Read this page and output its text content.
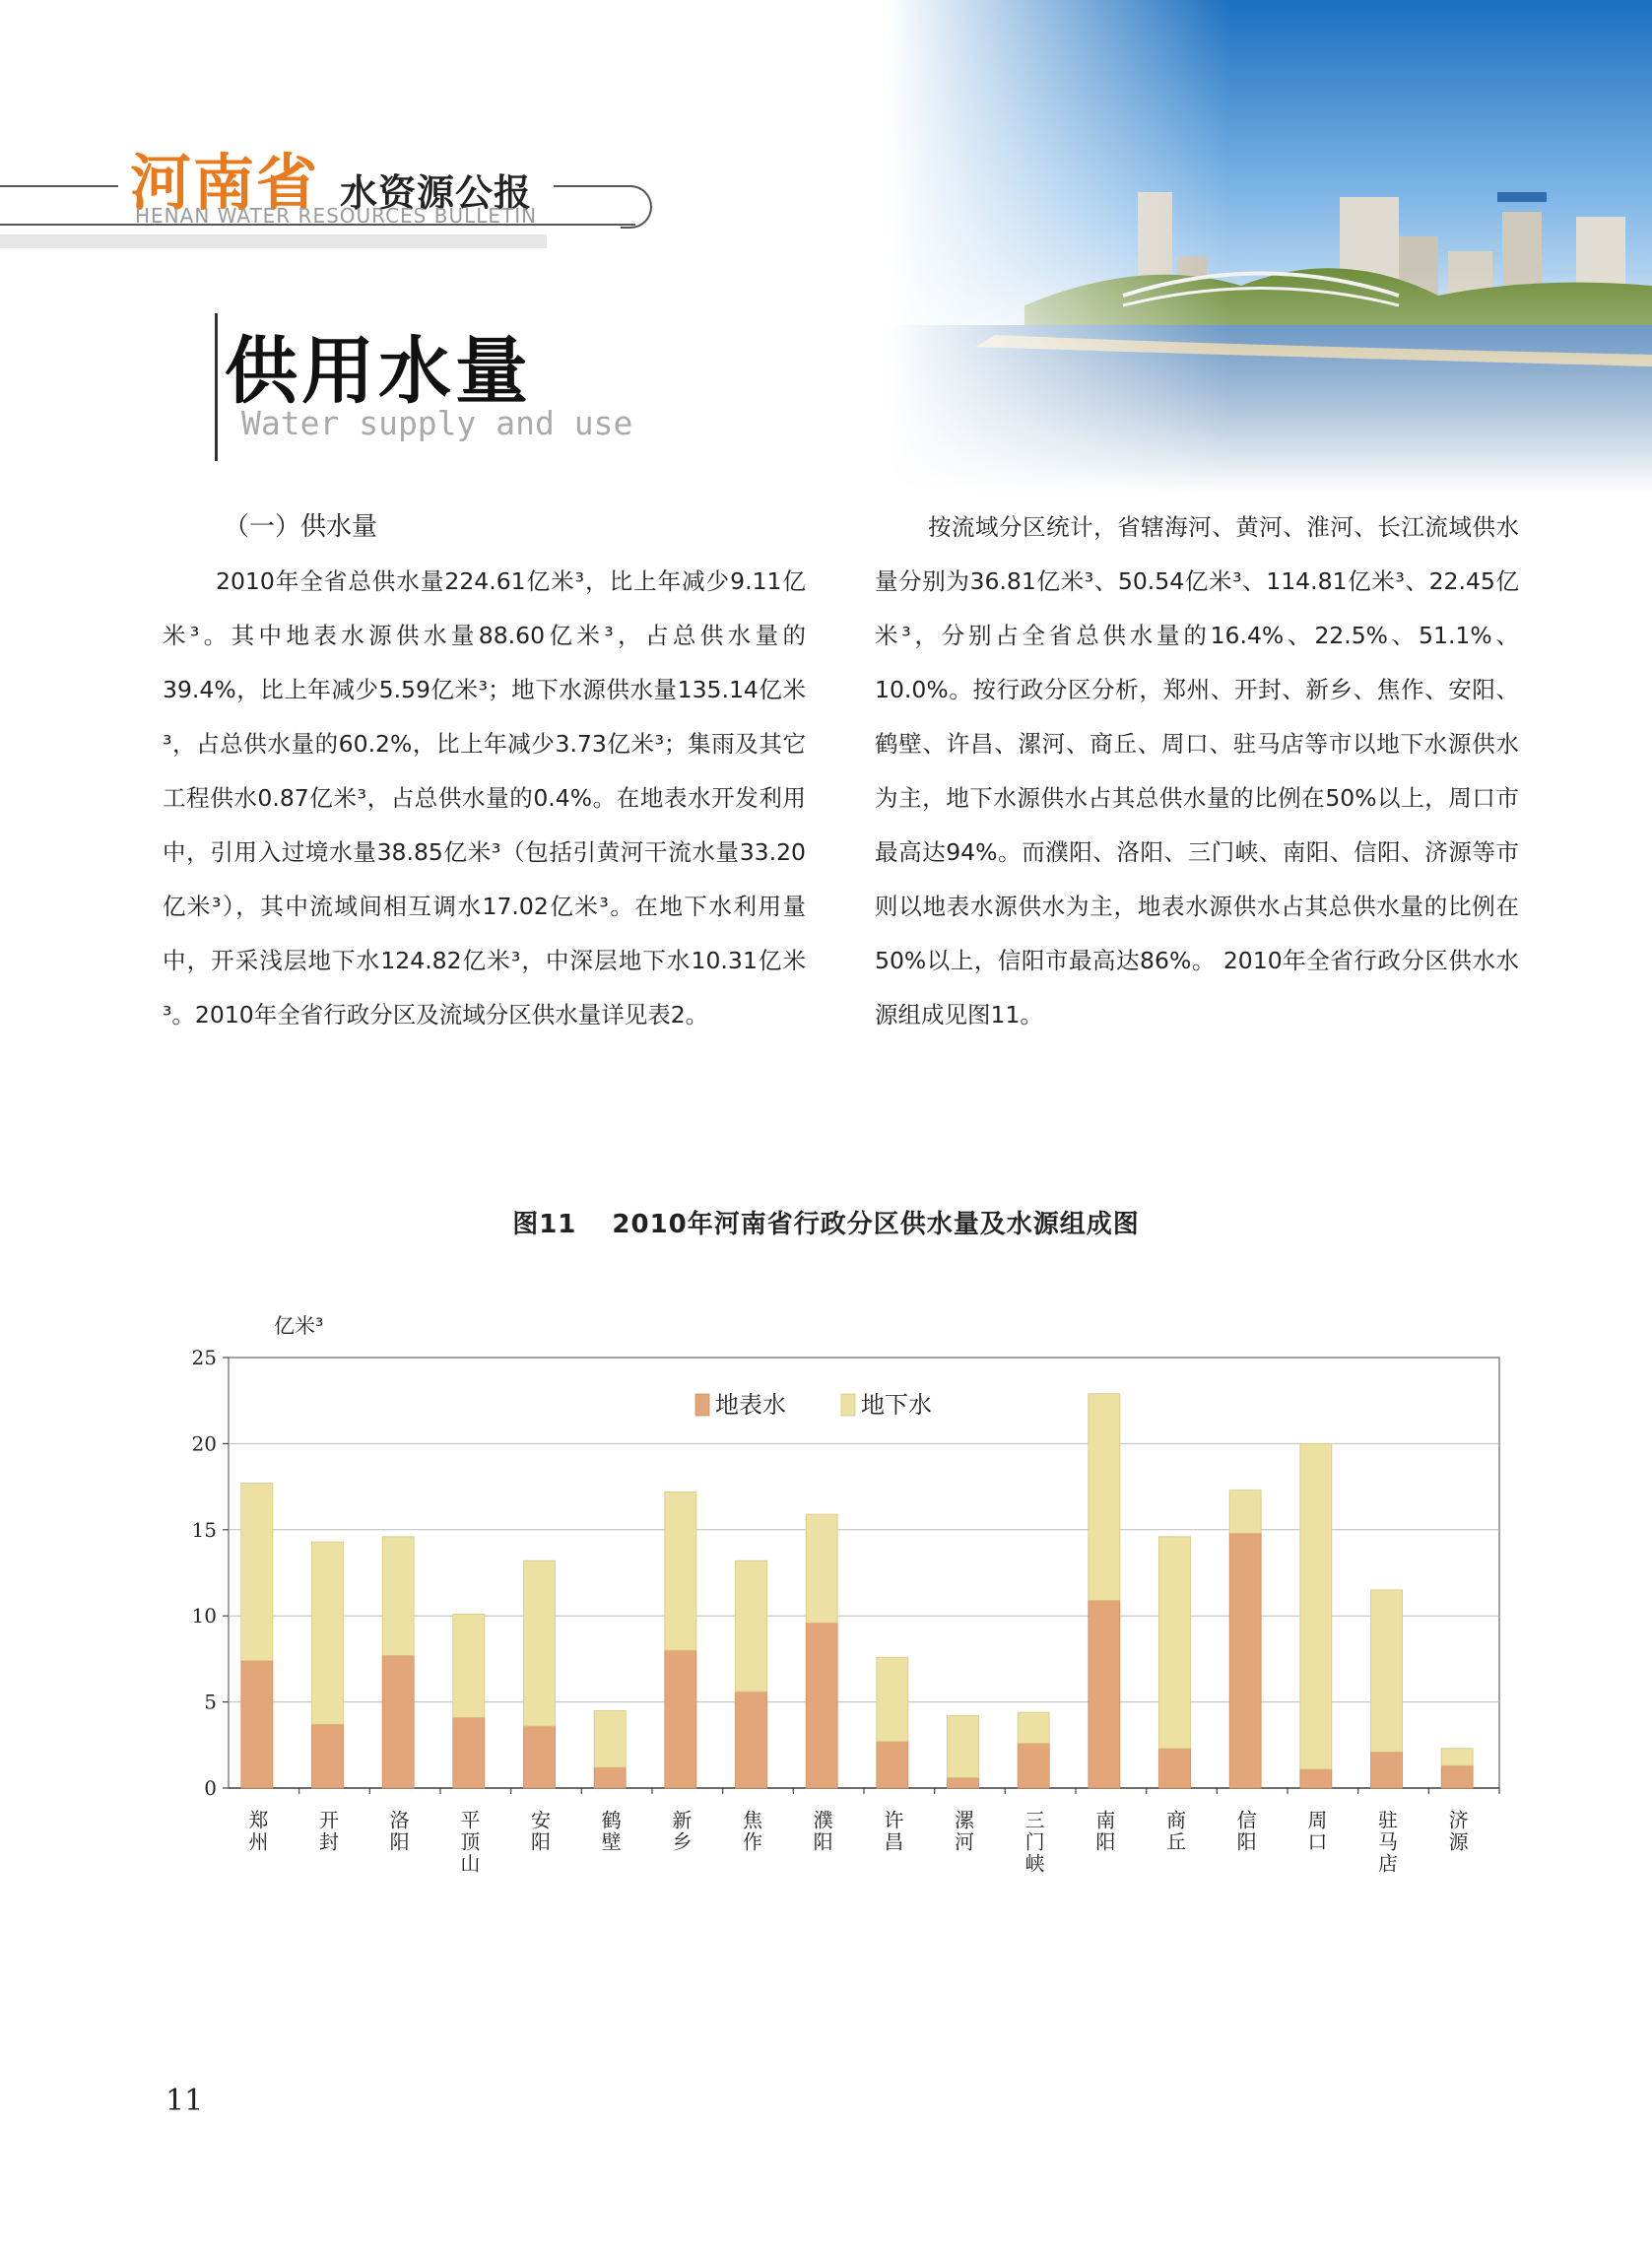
河南省 水资源公报
HENAN WATER RESOURCES BULLETIN
供用水量
Water supply and use

（一）供水量

2010年全省总供水量224.61亿米³，比上年减少9.11亿米³。其中地表水源供水量88.60亿米³，占总供水量的39.4%，比上年减少5.59亿米³；地下水源供水量135.14亿米³，占总供水量的60.2%，比上年减少3.73亿米³；集雨及其它工程供水0.87亿米³，占总供水量的0.4%。在地表水开发利用中，引用入过境水量38.85亿米³（包括引黄河干流水量33.20亿米³），其中流域间相互调水17.02亿米³。在地下水利用量中，开采浅层地下水124.82亿米³，中深层地下水10.31亿米³。2010年全省行政分区及流域分区供水量详见表2。

按流域分区统计，省辖海河、黄河、淮河、长江流域供水量分别为36.81亿米³、50.54亿米³、114.81亿米³、22.45亿米³，分别占全省总供水量的16.4%、22.5%、51.1%、10.0%。按行政分区分析，郑州、开封、新乡、焦作、安阳、鹤壁、许昌、漯河、商丘、周口、驻马店等市以地下水源供水为主，地下水源供水占其总供水量的比例在50%以上，周口市最高达94%。而濮阳、洛阳、三门峡、南阳、信阳、济源等市则以地表水源供水为主，地表水源供水占其总供水量的比例在50%以上，信阳市最高达86%。 2010年全省行政分区供水水源组成见图11。

图11 2010年河南省行政分区供水量及水源组成图
0
5
10
15
20
25
亿米³
郑州 开封 洛阳 平顶山 安阳 鹤壁 新乡 焦作 濮阳 许昌 漯河 三门峡 南阳 商丘 信阳 周口 驻马店 济源
地表水	地下水
11
